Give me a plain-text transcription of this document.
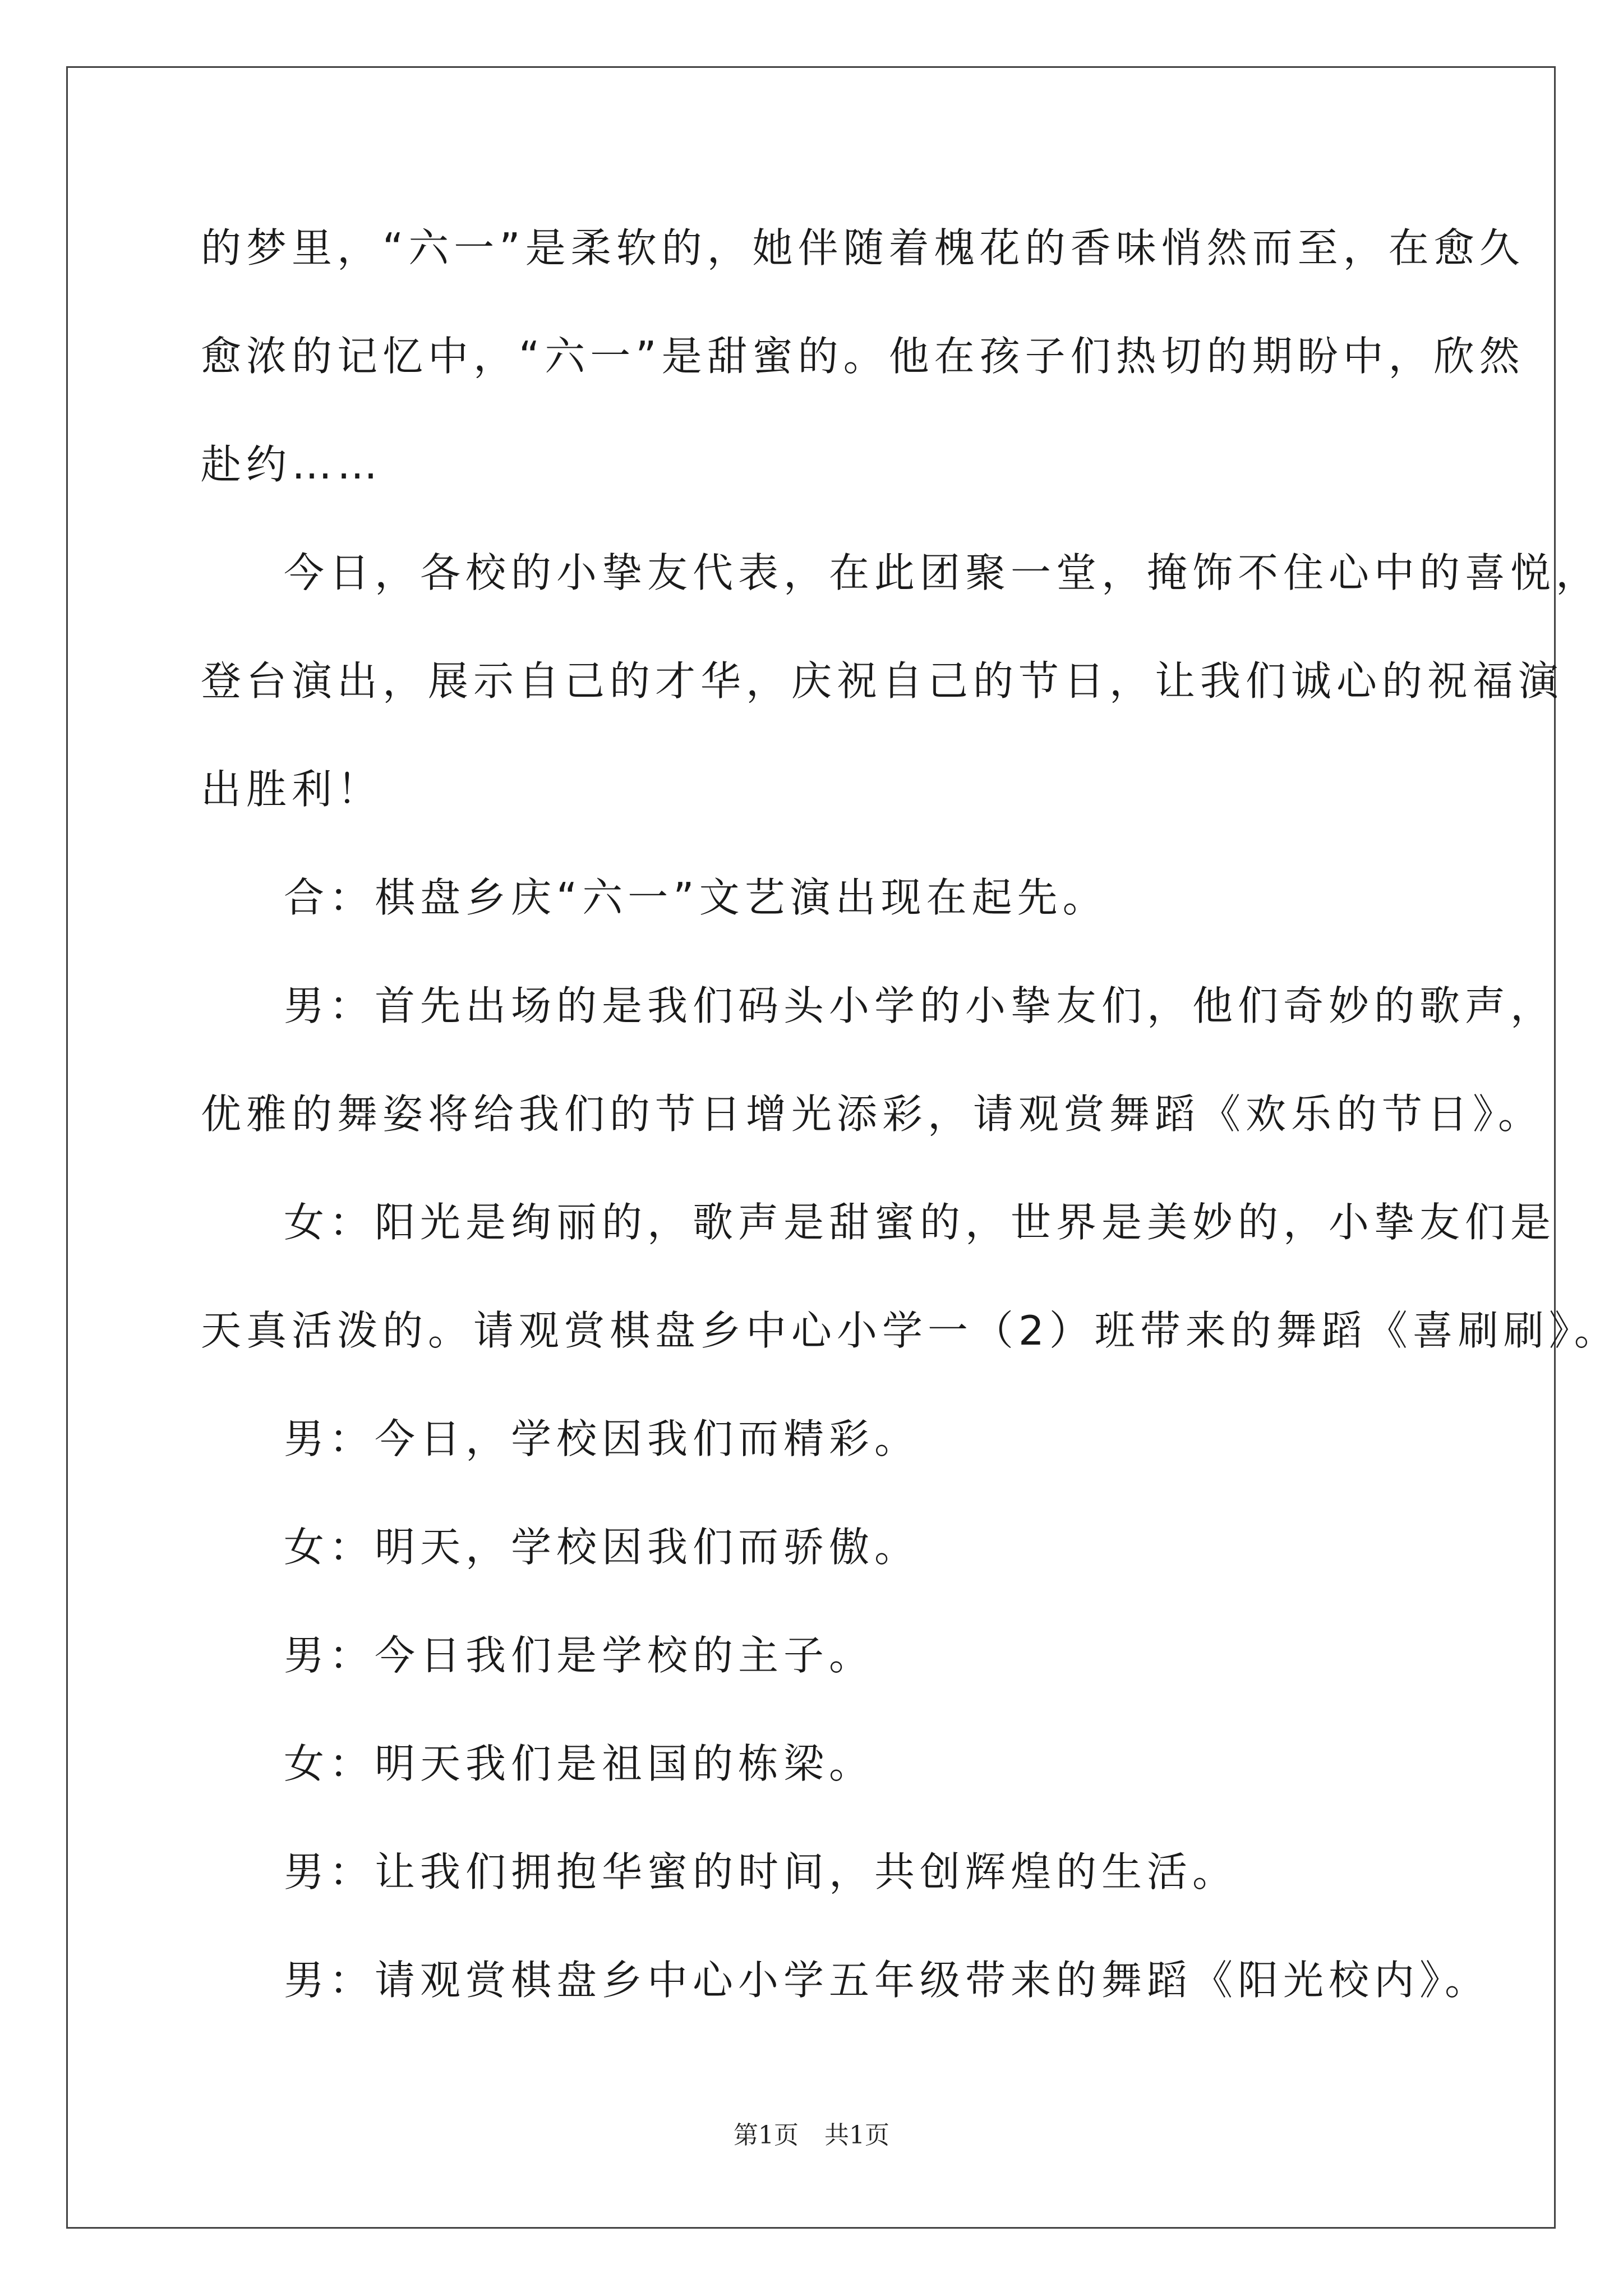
的梦里，“六一”是柔软的，她伴随着槐花的香味悄然而至，在愈久
愈浓的记忆中，“六一”是甜蜜的。他在孩子们热切的期盼中，欣然
赴约……
今日，各校的小挚友代表，在此团聚一堂，掩饰不住心中的喜悦，
登台演出，展示自己的才华，庆祝自己的节日，让我们诚心的祝福演
出胜利！
合：棋盘乡庆“六一”文艺演出现在起先。
男：首先出场的是我们码头小学的小挚友们，他们奇妙的歌声，
优雅的舞姿将给我们的节日增光添彩，请观赏舞蹈《欢乐的节日》。
女：阳光是绚丽的，歌声是甜蜜的，世界是美妙的，小挚友们是
天真活泼的。请观赏棋盘乡中心小学一（2）班带来的舞蹈《喜刷刷》。
男：今日，学校因我们而精彩。
女：明天，学校因我们而骄傲。
男：今日我们是学校的主子。
女：明天我们是祖国的栋梁。
男：让我们拥抱华蜜的时间，共创辉煌的生活。
男：请观赏棋盘乡中心小学五年级带来的舞蹈《阳光校内》。
第1页 共1页
